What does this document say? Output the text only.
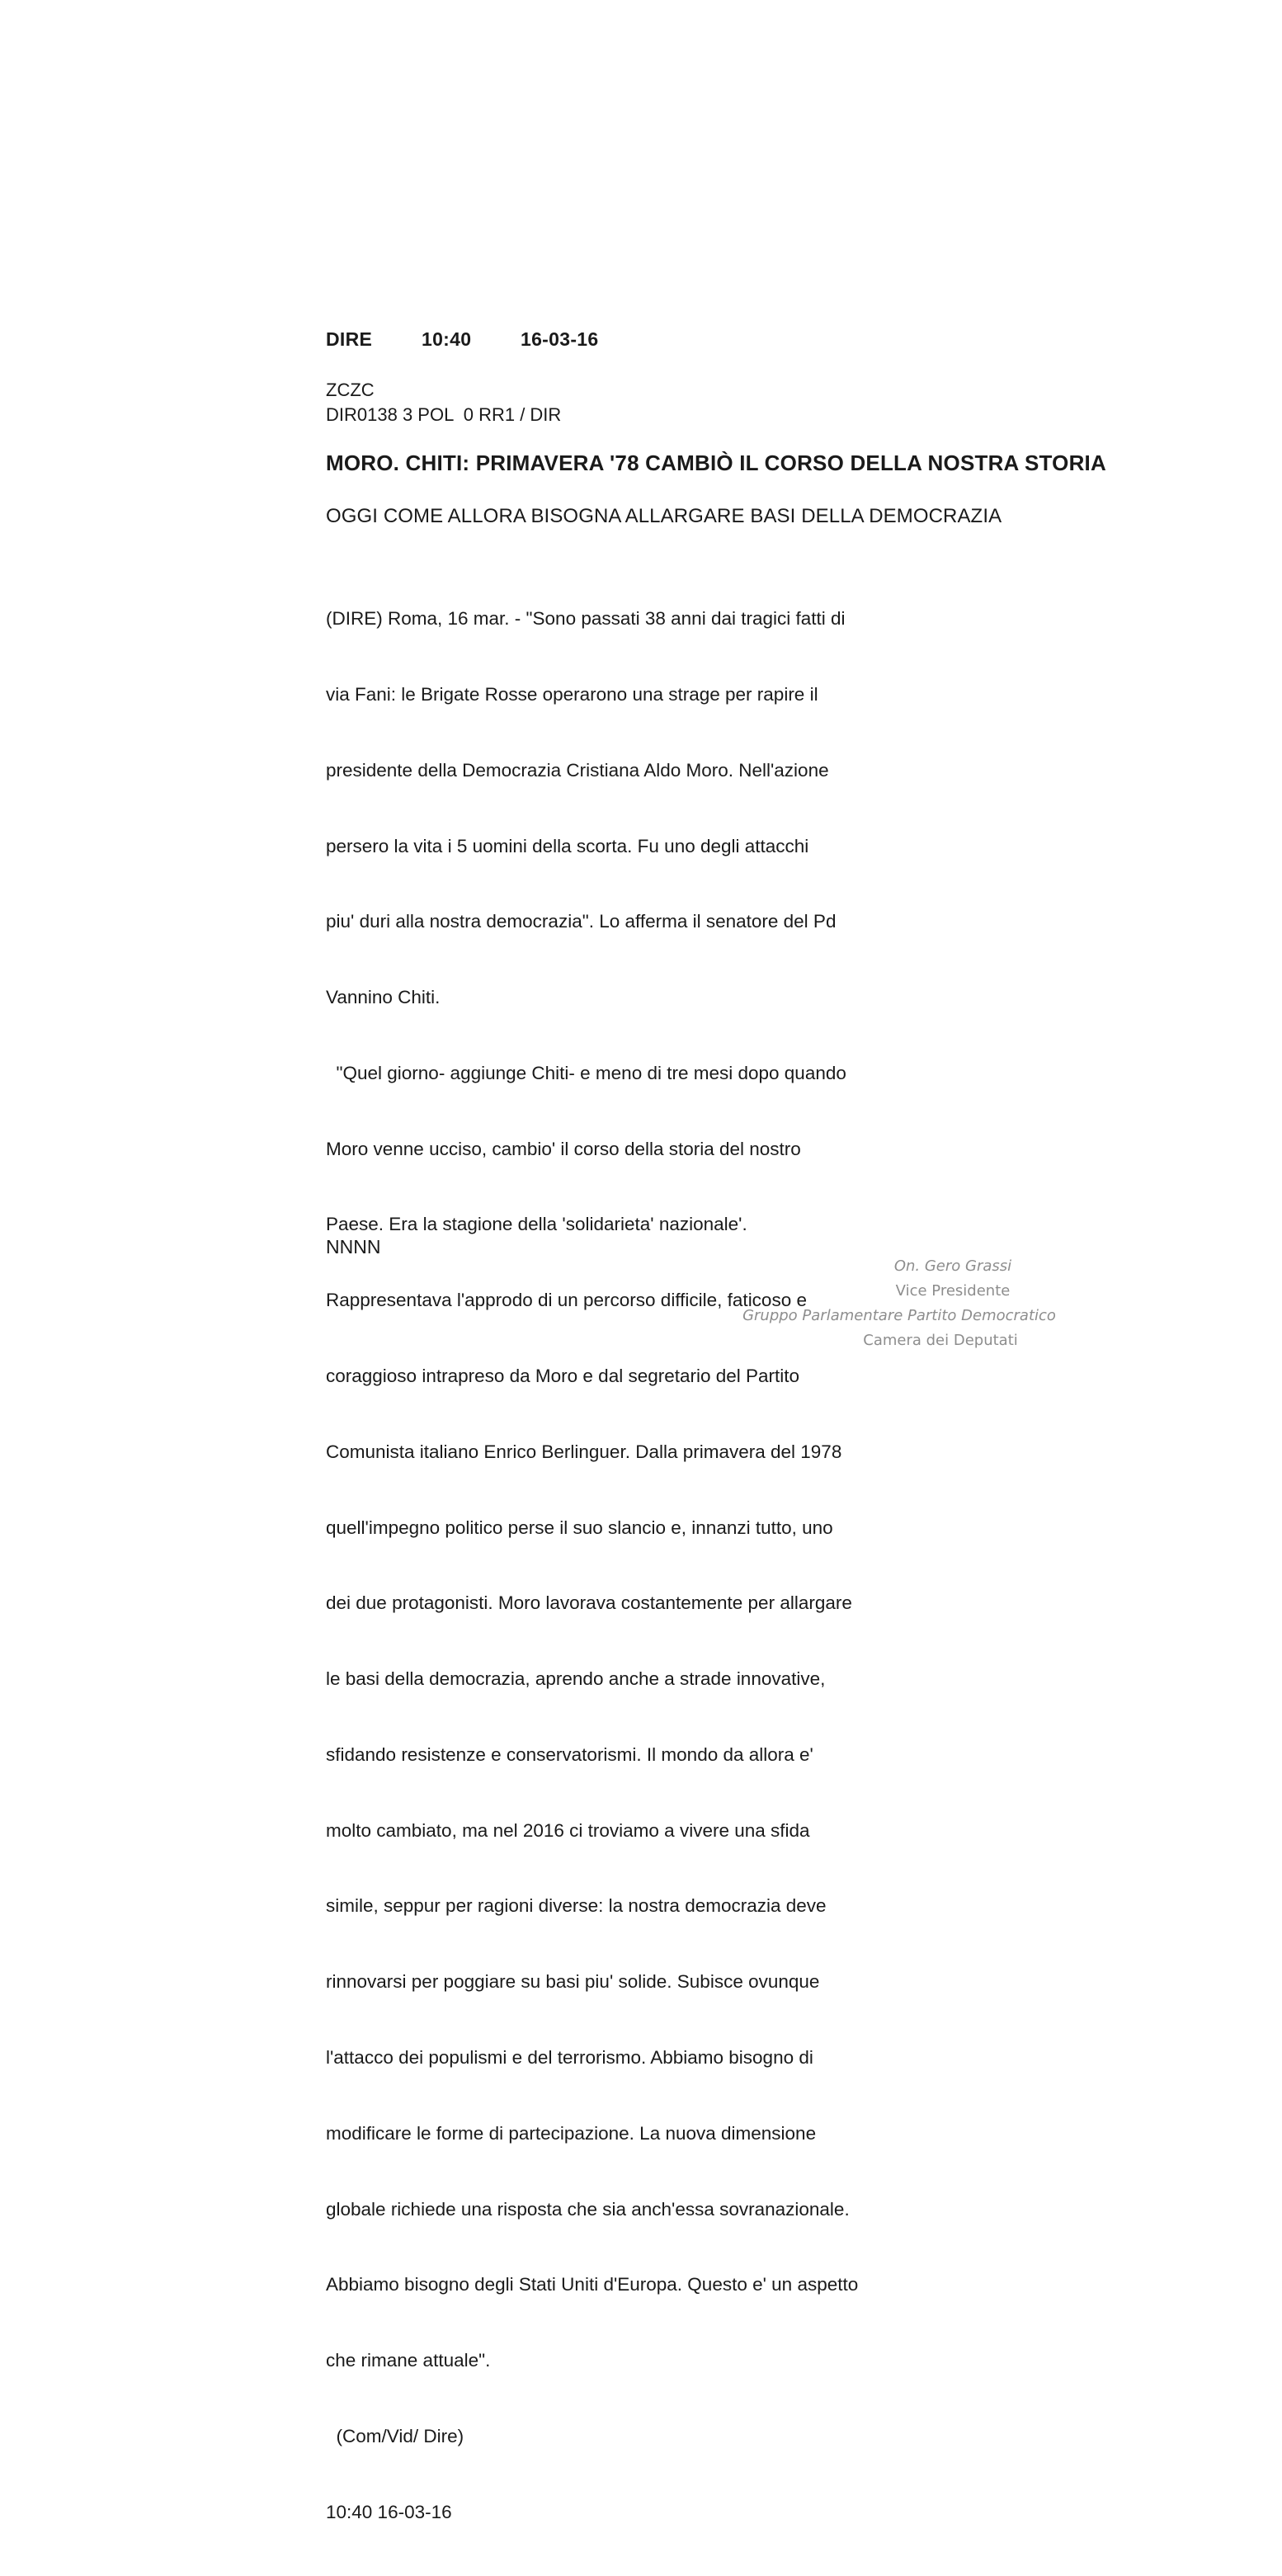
DIRE	10:40	16-03-16
ZCZC
DIR0138 3 POL  0 RR1 / DIR
MORO. CHITI: PRIMAVERA '78 CAMBIÒ IL CORSO DELLA NOSTRA STORIA
OGGI COME ALLORA BISOGNA ALLARGARE BASI DELLA DEMOCRAZIA

(DIRE) Roma, 16 mar. - "Sono passati 38 anni dai tragici fatti di

via Fani: le Brigate Rosse operarono una strage per rapire il

presidente della Democrazia Cristiana Aldo Moro. Nell'azione

persero la vita i 5 uomini della scorta. Fu uno degli attacchi

piu' duri alla nostra democrazia". Lo afferma il senatore del Pd

Vannino Chiti.

"Quel giorno- aggiunge Chiti- e meno di tre mesi dopo quando

Moro venne ucciso, cambio' il corso della storia del nostro

Paese. Era la stagione della 'solidarieta' nazionale'.

Rappresentava l'approdo di un percorso difficile, faticoso e

coraggioso intrapreso da Moro e dal segretario del Partito

Comunista italiano Enrico Berlinguer. Dalla primavera del 1978

quell'impegno politico perse il suo slancio e, innanzi tutto, uno

dei due protagonisti. Moro lavorava costantemente per allargare

le basi della democrazia, aprendo anche a strade innovative,

sfidando resistenze e conservatorismi. Il mondo da allora e'

molto cambiato, ma nel 2016 ci troviamo a vivere una sfida

simile, seppur per ragioni diverse: la nostra democrazia deve

rinnovarsi per poggiare su basi piu' solide. Subisce ovunque

l'attacco dei populismi e del terrorismo. Abbiamo bisogno di

modificare le forme di partecipazione. La nuova dimensione

globale richiede una risposta che sia anch'essa sovranazionale.

Abbiamo bisogno degli Stati Uniti d'Europa. Questo e' un aspetto

che rimane attuale".

(Com/Vid/ Dire)

10:40 16-03-16

NNNN
On. Gero Grassi
Vice Presidente
Gruppo Parlamentare Partito Democratico
Camera dei Deputati
